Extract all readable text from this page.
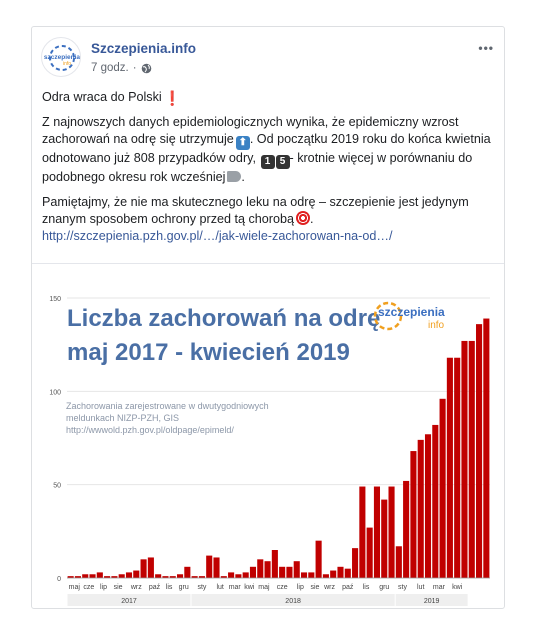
szczepienia
info
Szczepienia.info
7 godz. ·
•••

Odra wraca do Polski ❗

Z najnowszych danych epidemiologicznych wynika, że epidemiczny wzrost zachorowań na odrę się utrzymuje ⬆ . Od początku 2019 roku do końca kwietnia odnotowano już 808 przypadków odry, 1 5 - krotnie więcej w porównaniu do podobnego okresu rok wcześniej .

Pamiętajmy, że nie ma skutecznego leku na odrę – szczepienie jest jedynym znanym sposobem ochrony przed tą chorobą .
http://szczepienia.pzh.gov.pl/…/jak-wiele-zachorowan-na-od…/

0
50
100
150
maj cze lip sie wrz paź lis gru sty lut mar kwi maj cze lip sie wrz paź lis gru sty lut mar kwi
2017	2018	2019
Liczba zachorowań na odrę
maj 2017 - kwiecień 2019
Zachorowania zarejestrowane w dwutygodniowych
meldunkach NIZP-PZH, GIS
http://wwwold.pzh.gov.pl/oldpage/epimeld/
szczepienia
info
